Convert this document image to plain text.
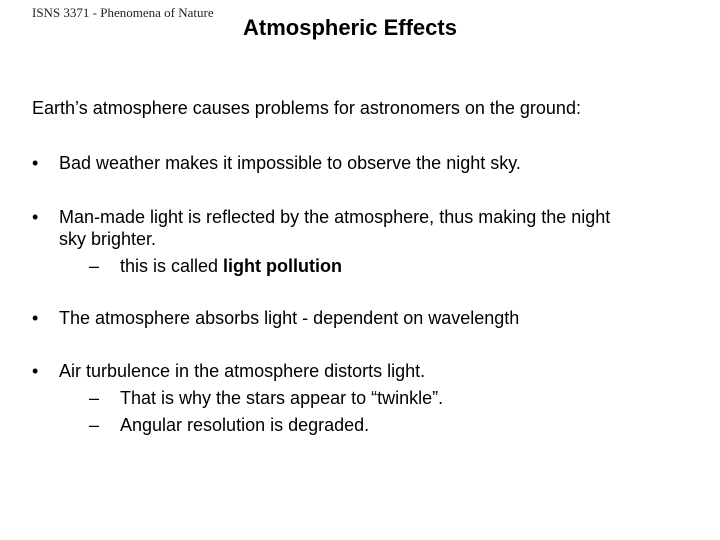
ISNS 3371 - Phenomena of Nature
Atmospheric Effects
Earth’s atmosphere causes problems for astronomers on the ground:
• Bad weather makes it impossible to observe the night sky.
• Man-made light is reflected by the atmosphere, thus making the night
sky brighter.
– this is called light pollution
• The atmosphere absorbs light - dependent on wavelength
• Air turbulence in the atmosphere distorts light.
– That is why the stars appear to “twinkle”.
– Angular resolution is degraded.
